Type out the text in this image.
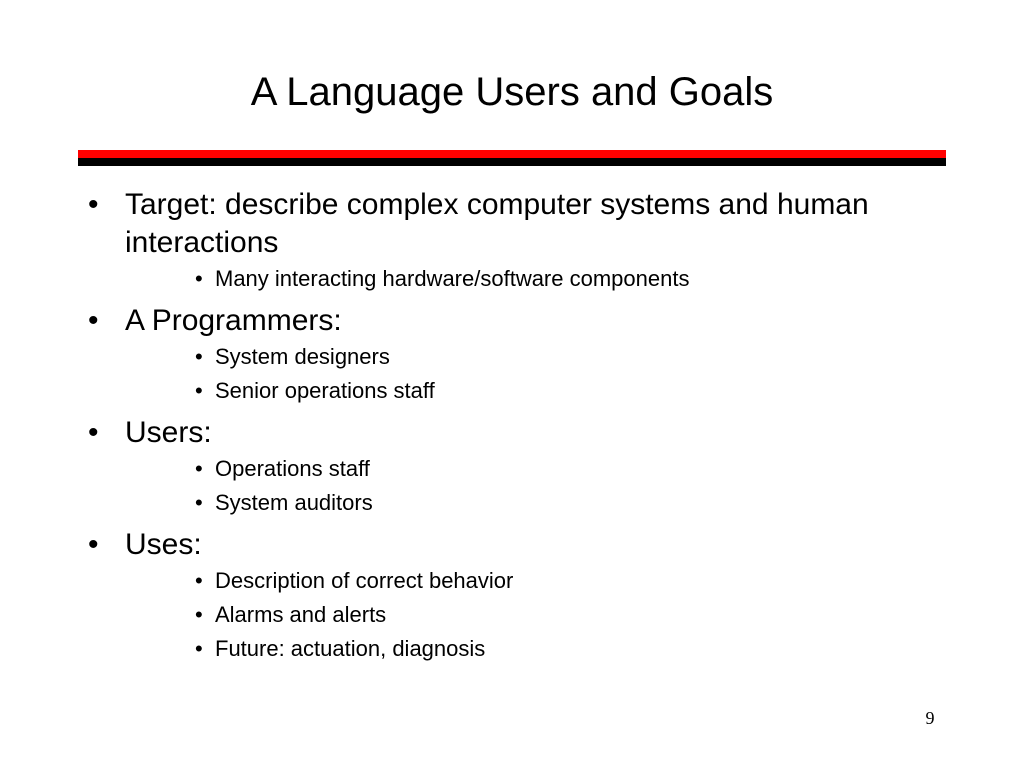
A Language Users and Goals
• Target: describe complex computer systems and human interactions
• Many interacting hardware/software components
• A Programmers:
• System designers
• Senior operations staff
• Users:
• Operations staff
• System auditors
• Uses:
• Description of correct behavior
• Alarms and alerts
• Future: actuation, diagnosis
9
